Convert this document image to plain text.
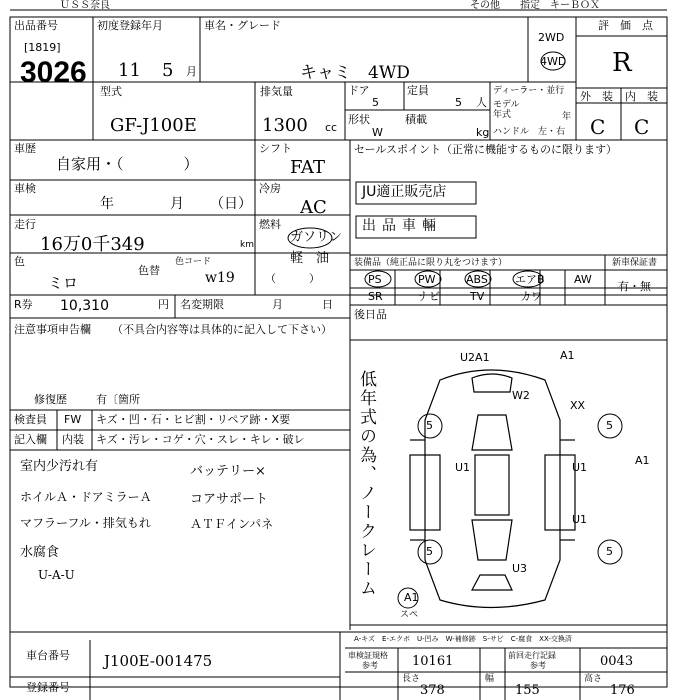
ＵＳＳ奈良	その他　　指定　キーＢＯＸ
出品番号
[1819]
3026
初度登録年月
11 5 月
車名・グレード
キャミ　4WD
2WD
4WD
評　価　点
R
外　装 内　装
C C
型式
GF-J100E
排気量
1300 cc
ドア
5
定員
5 人
形状
W
積載
kg
ディーラー・並行
モデル年式	年
ハンドル 左・右
車歴
自家用・（　　　　）
シフト
FAT
車検
年	月 （日）
冷房
AC
走行
16万0千349	km
燃料
ガソリン
軽　油
（　　　）
色
ミロ
色替
色コード
w19
セールスポイント（正常に機能するものに限ります）
JU適正販売店
出品車輛
装備品（純正品に限り丸をつけます）	新車保証書
PS	PW	ABS エアB	AW
SR	ナビ	TV	カワ
有・無
R券 10,310	円 名変期限	月	日
後日品
注意事項申告欄 （不具合内容等は具体的に記入して下さい）
修復歴	有〔箇所
検査員 FW キズ・凹・石・ヒビ割・リペア跡・X要
記入欄 内装 キズ・汚レ・コゲ・穴・スレ・キレ・破レ
室内少汚れ有
ホイルＡ・ドアミラーＡ
マフラーフル・排気もれ
水腐食
U-A-U
バッテリー×
コアサポート
ＡＴＦインパネ	低年式の為、ノークレーム
U2A1	A1
W2
XX
U1	U1
U1
A1
U3
5
5
5
5
A1
スペ
A-キズ　E-エクボ　U-凹み　W-補修跡　S-サビ　C-腐食　XX-交換済
車台番号 J100E-001475
登録番号
車検証規格
参考	10161	前回走行記録
参考	0043
長さ
378
幅
155
高さ
176
